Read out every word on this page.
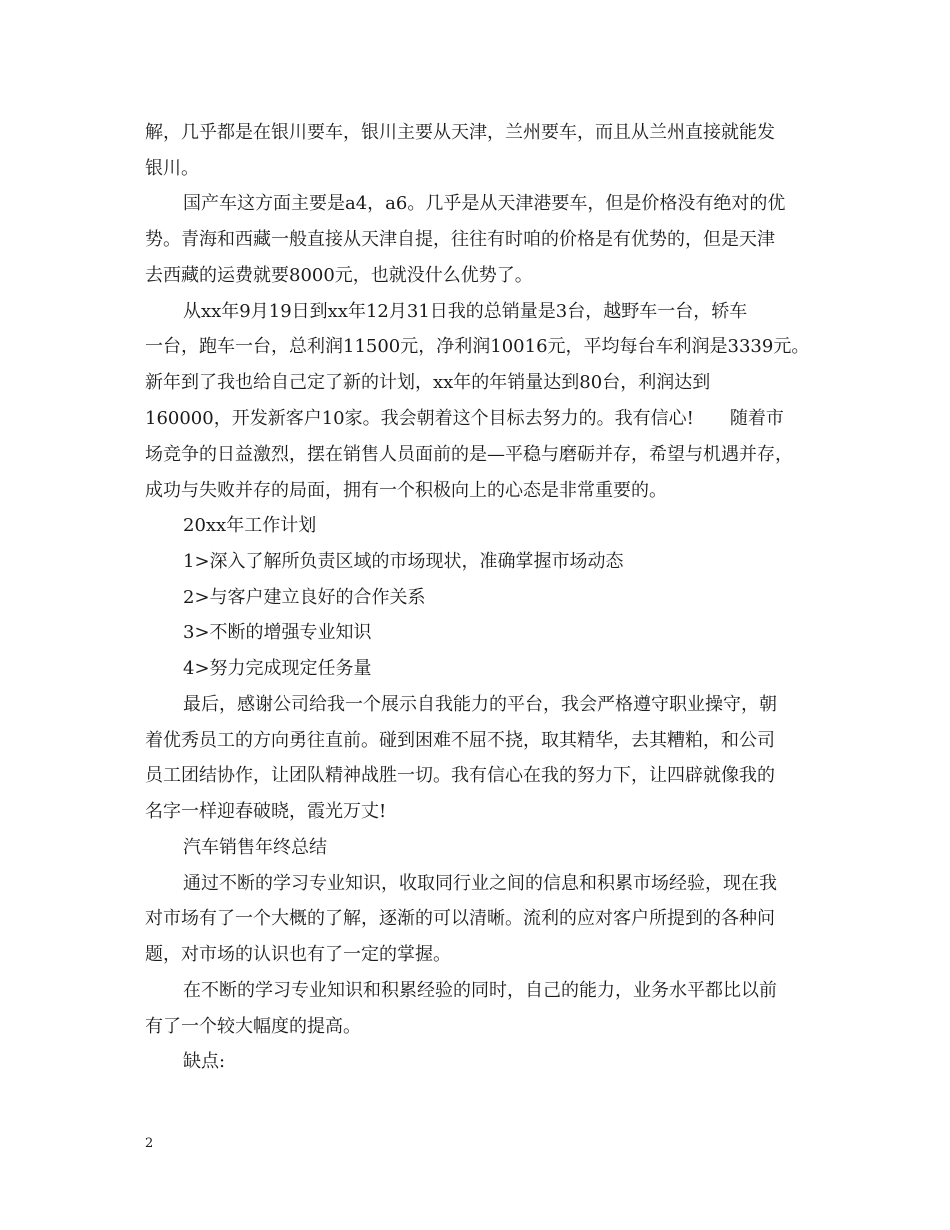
解，几乎都是在银川要车，银川主要从天津，兰州要车，而且从兰州直接就能发
银川。
国产车这方面主要是a4，a6。几乎是从天津港要车，但是价格没有绝对的优
势。青海和西藏一般直接从天津自提，往往有时咱的价格是有优势的，但是天津
去西藏的运费就要8000元，也就没什么优势了。
从xx年9月19日到xx年12月31日我的总销量是3台，越野车一台，轿车
一台，跑车一台，总利润11500元，净利润10016元，平均每台车利润是3339元。
新年到了我也给自己定了新的计划，xx年的年销量达到80台，利润达到
160000，开发新客户10家。我会朝着这个目标去努力的。我有信心!　　随着市
场竞争的日益激烈，摆在销售人员面前的是—平稳与磨砺并存，希望与机遇并存，
成功与失败并存的局面，拥有一个积极向上的心态是非常重要的。
20xx年工作计划
1>深入了解所负责区域的市场现状，准确掌握市场动态
2>与客户建立良好的合作关系
3>不断的增强专业知识
4>努力完成现定任务量
最后，感谢公司给我一个展示自我能力的平台，我会严格遵守职业操守，朝
着优秀员工的方向勇往直前。碰到困难不屈不挠，取其精华，去其糟粕，和公司
员工团结协作，让团队精神战胜一切。我有信心在我的努力下，让四辟就像我的
名字一样迎春破晓，霞光万丈!
汽车销售年终总结
通过不断的学习专业知识，收取同行业之间的信息和积累市场经验，现在我
对市场有了一个大概的了解，逐渐的可以清晰。流利的应对客户所提到的各种问
题，对市场的认识也有了一定的掌握。
在不断的学习专业知识和积累经验的同时，自己的能力，业务水平都比以前
有了一个较大幅度的提高。
缺点:
2
